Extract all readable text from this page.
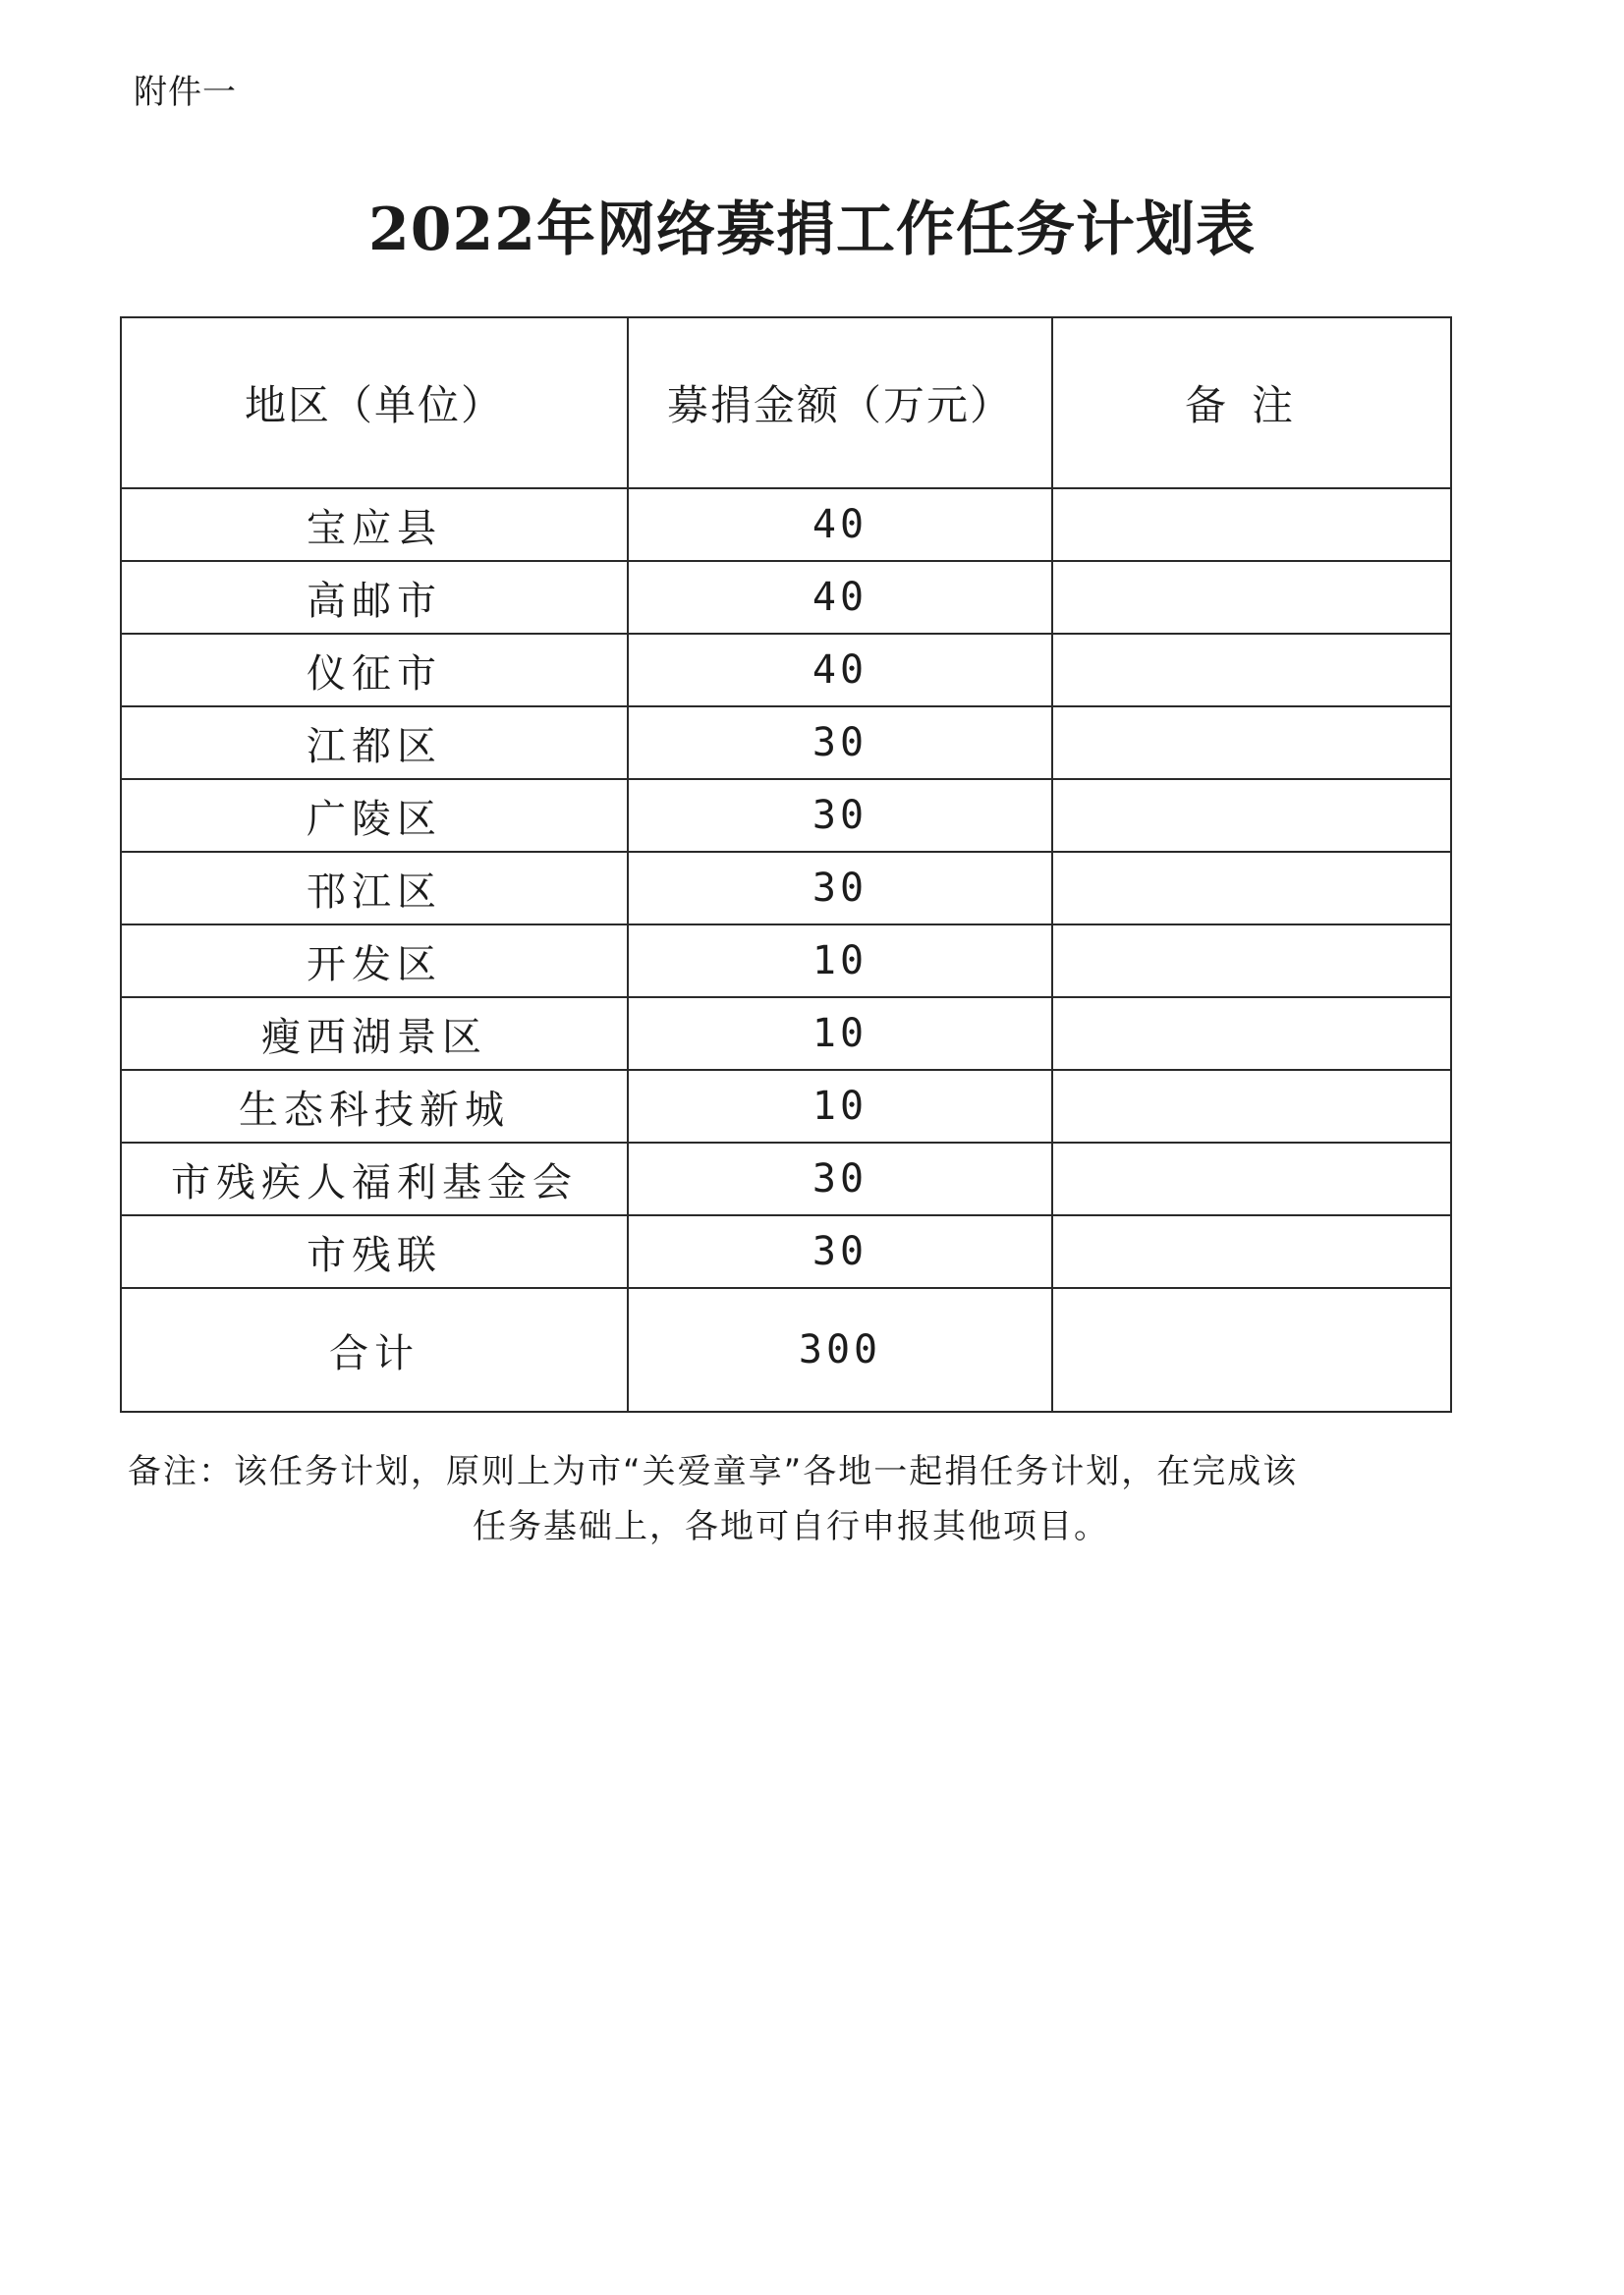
附件一
2022年网络募捐工作任务计划表
地区（单位）	募捐金额（万元）	备注
宝应县	40	
高邮市	40	
仪征市	40	
江都区	30	
广陵区	30	
邗江区	30	
开发区	10	
瘦西湖景区	10	
生态科技新城	10	
市残疾人福利基金会	30	
市残联	30	
合计	300	
备注：该任务计划，原则上为市“关爱童享”各地一起捐任务计划，在完成该
任务基础上，各地可自行申报其他项目。
